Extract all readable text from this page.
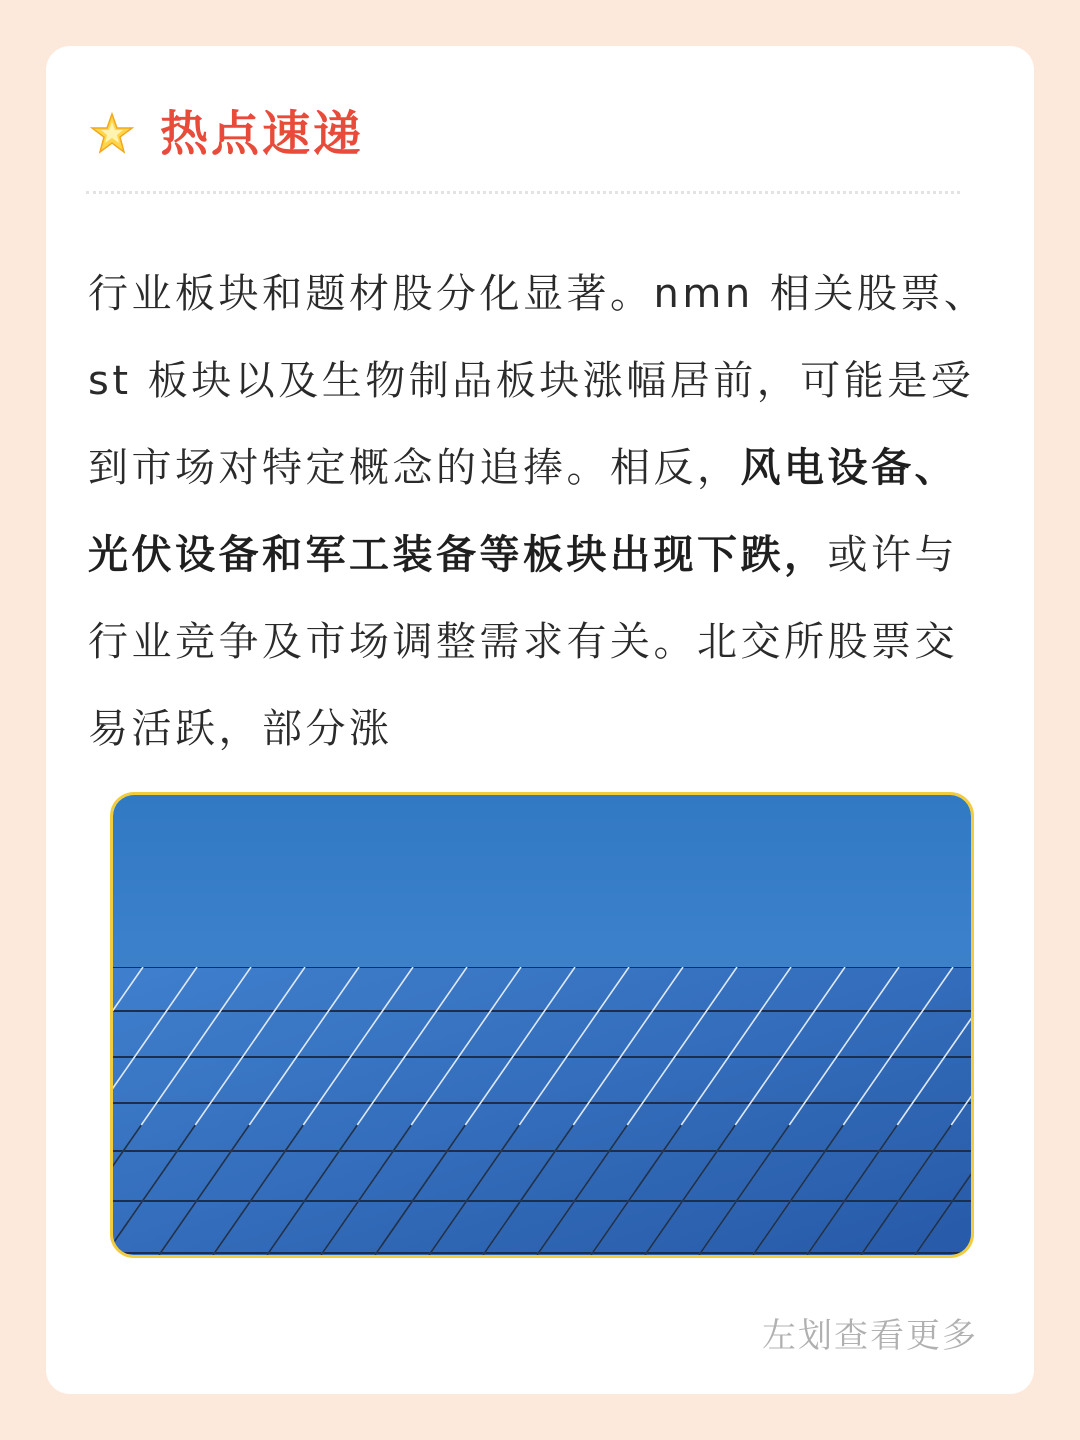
热点速递
行业板块和题材股分化显著。nmn 相关股票、st 板块以及生物制品板块涨幅居前，可能是受到市场对特定概念的追捧。相反，风电设备、光伏设备和军工装备等板块出现下跌，或许与行业竞争及市场调整需求有关。北交所股票交易活跃，部分涨
左划查看更多
